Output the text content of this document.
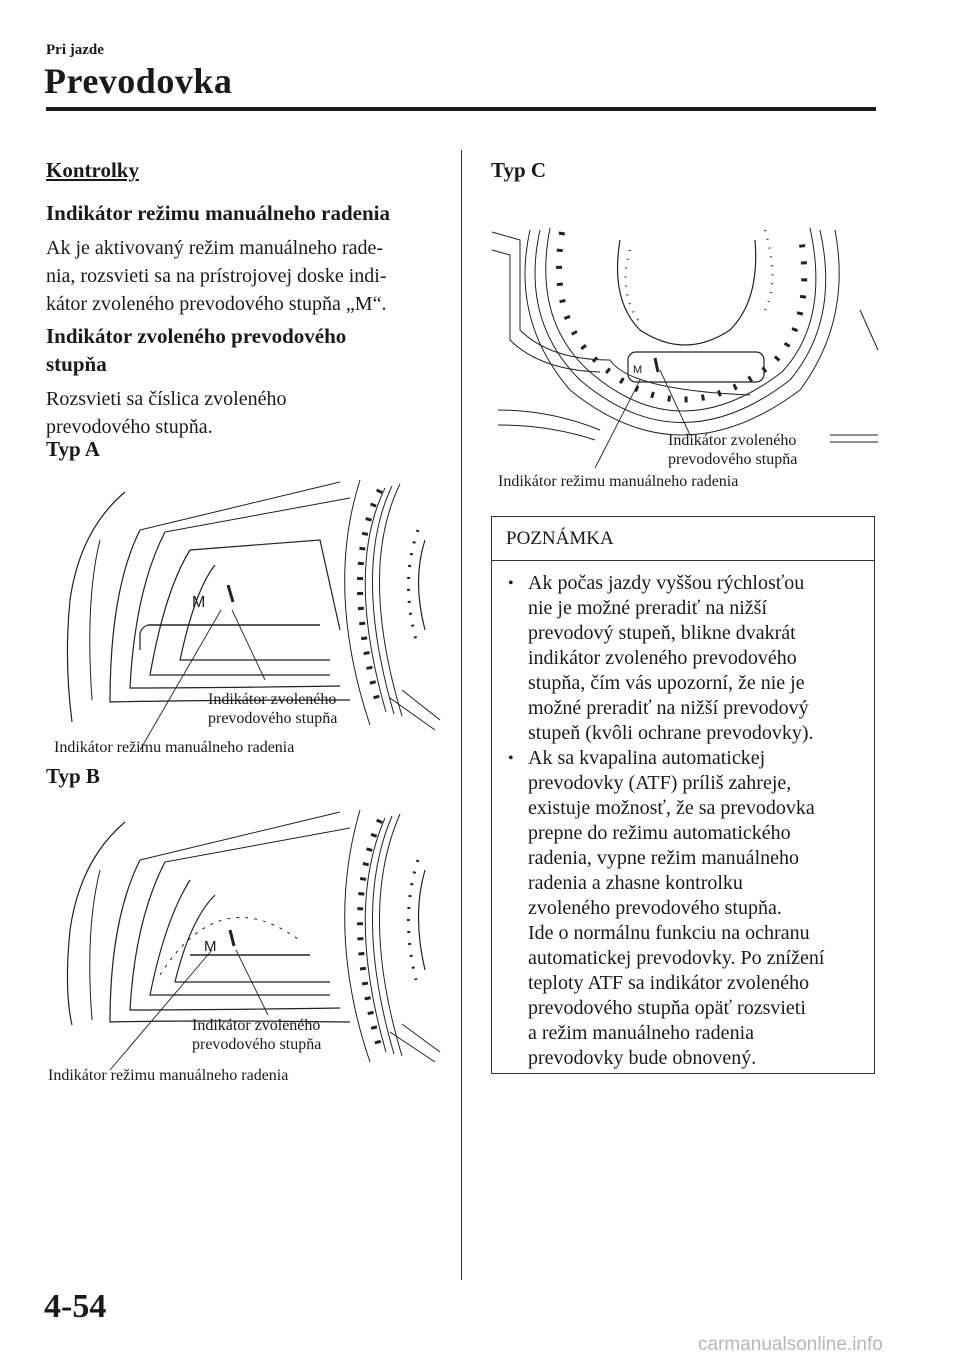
Pri jazde
Prevodovka
Kontrolky
Indikátor režimu manuálneho radenia
Ak je aktivovaný režim manuálneho rade-
nia, rozsvieti sa na prístrojovej doske indi-
kátor zvoleného prevodového stupňa „M“.
Indikátor zvoleného prevodového
stupňa
Rozsvieti sa číslica zvoleného
prevodového stupňa.
Typ A
M
Indikátor zvoleného
prevodového stupňa
Indikátor režimu manuálneho radenia
Typ B
M
Indikátor zvoleného
prevodového stupňa
Indikátor režimu manuálneho radenia
Typ C
M
Indikátor zvoleného
prevodového stupňa
Indikátor režimu manuálneho radenia
POZNÁMKA
• Ak počas jazdy vyššou rýchlosťou
nie je možné preradiť na nižší
prevodový stupeň, blikne dvakrát
indikátor zvoleného prevodového
stupňa, čím vás upozorní, že nie je
možné preradiť na nižší prevodový
stupeň (kvôli ochrane prevodovky).
• Ak sa kvapalina automatickej
prevodovky (ATF) príliš zahreje,
existuje možnosť, že sa prevodovka
prepne do režimu automatického
radenia, vypne režim manuálneho
radenia a zhasne kontrolku
zvoleného prevodového stupňa.
Ide o normálnu funkciu na ochranu
automatickej prevodovky. Po znížení
teploty ATF sa indikátor zvoleného
prevodového stupňa opäť rozsvieti
a režim manuálneho radenia
prevodovky bude obnovený.
4-54
carmanualsonline.info
